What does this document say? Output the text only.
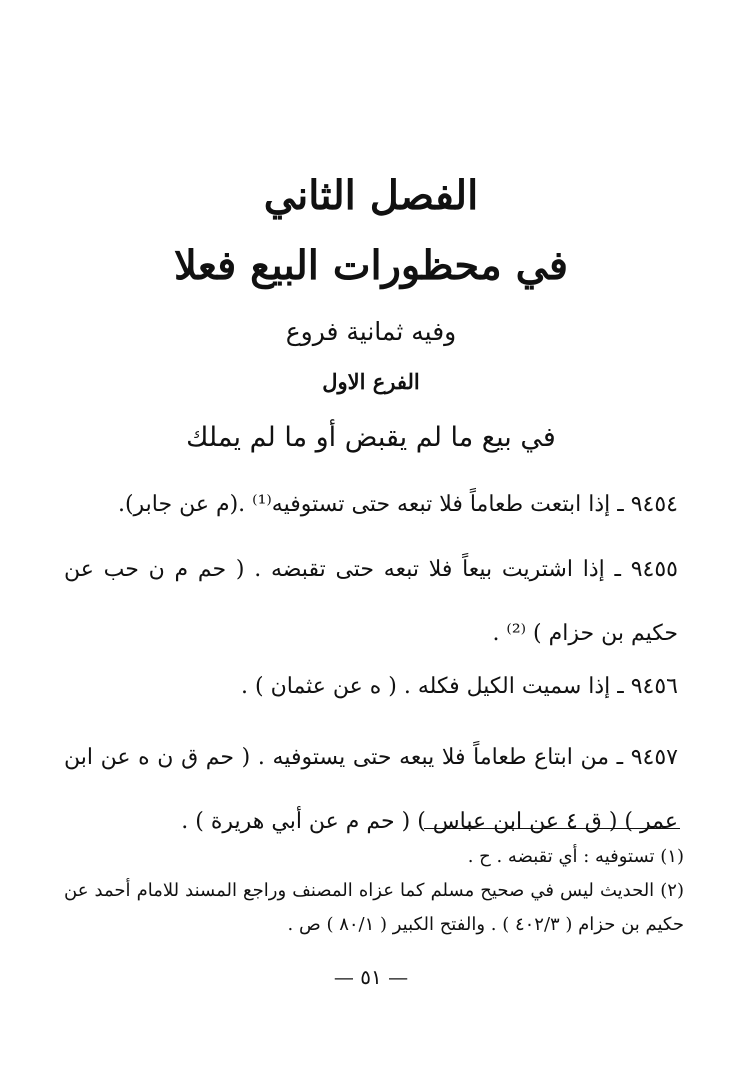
الفصل الثاني
في محظورات البيع فعلا
وفيه ثمانية فروع
الفرع الاول
في بيع ما لم يقبض أو ما لم يملك
٩٤٥٤ ـ إذا ابتعت طعاماً فلا تبعه حتى تستوفيه⁽¹⁾ .(م عن جابر).
٩٤٥٥ ـ إذا اشتريت بيعاً فلا تبعه حتى تقبضه . ( حم م ن حب عن حكيم بن حزام ) ⁽²⁾ .
٩٤٥٦ ـ إذا سميت الكيل فكله . ( ه عن عثمان ) .
٩٤٥٧ ـ من ابتاع طعاماً فلا يبعه حتى يستوفيه . ( حم ق ن ه عن ابن عمر ) ( ق ٤ عن ابن عباس ) ( حم م عن أبي هريرة ) .
(١) تستوفيه : أي تقبضه . ح .
(٢) الحديث ليس في صحيح مسلم كما عزاه المصنف وراجع المسند للامام أحمد عن حكيم بن حزام ( ٤٠٢/٣ ) . والفتح الكبير ( ٨٠/١ ) ص .
— ٥١ —
